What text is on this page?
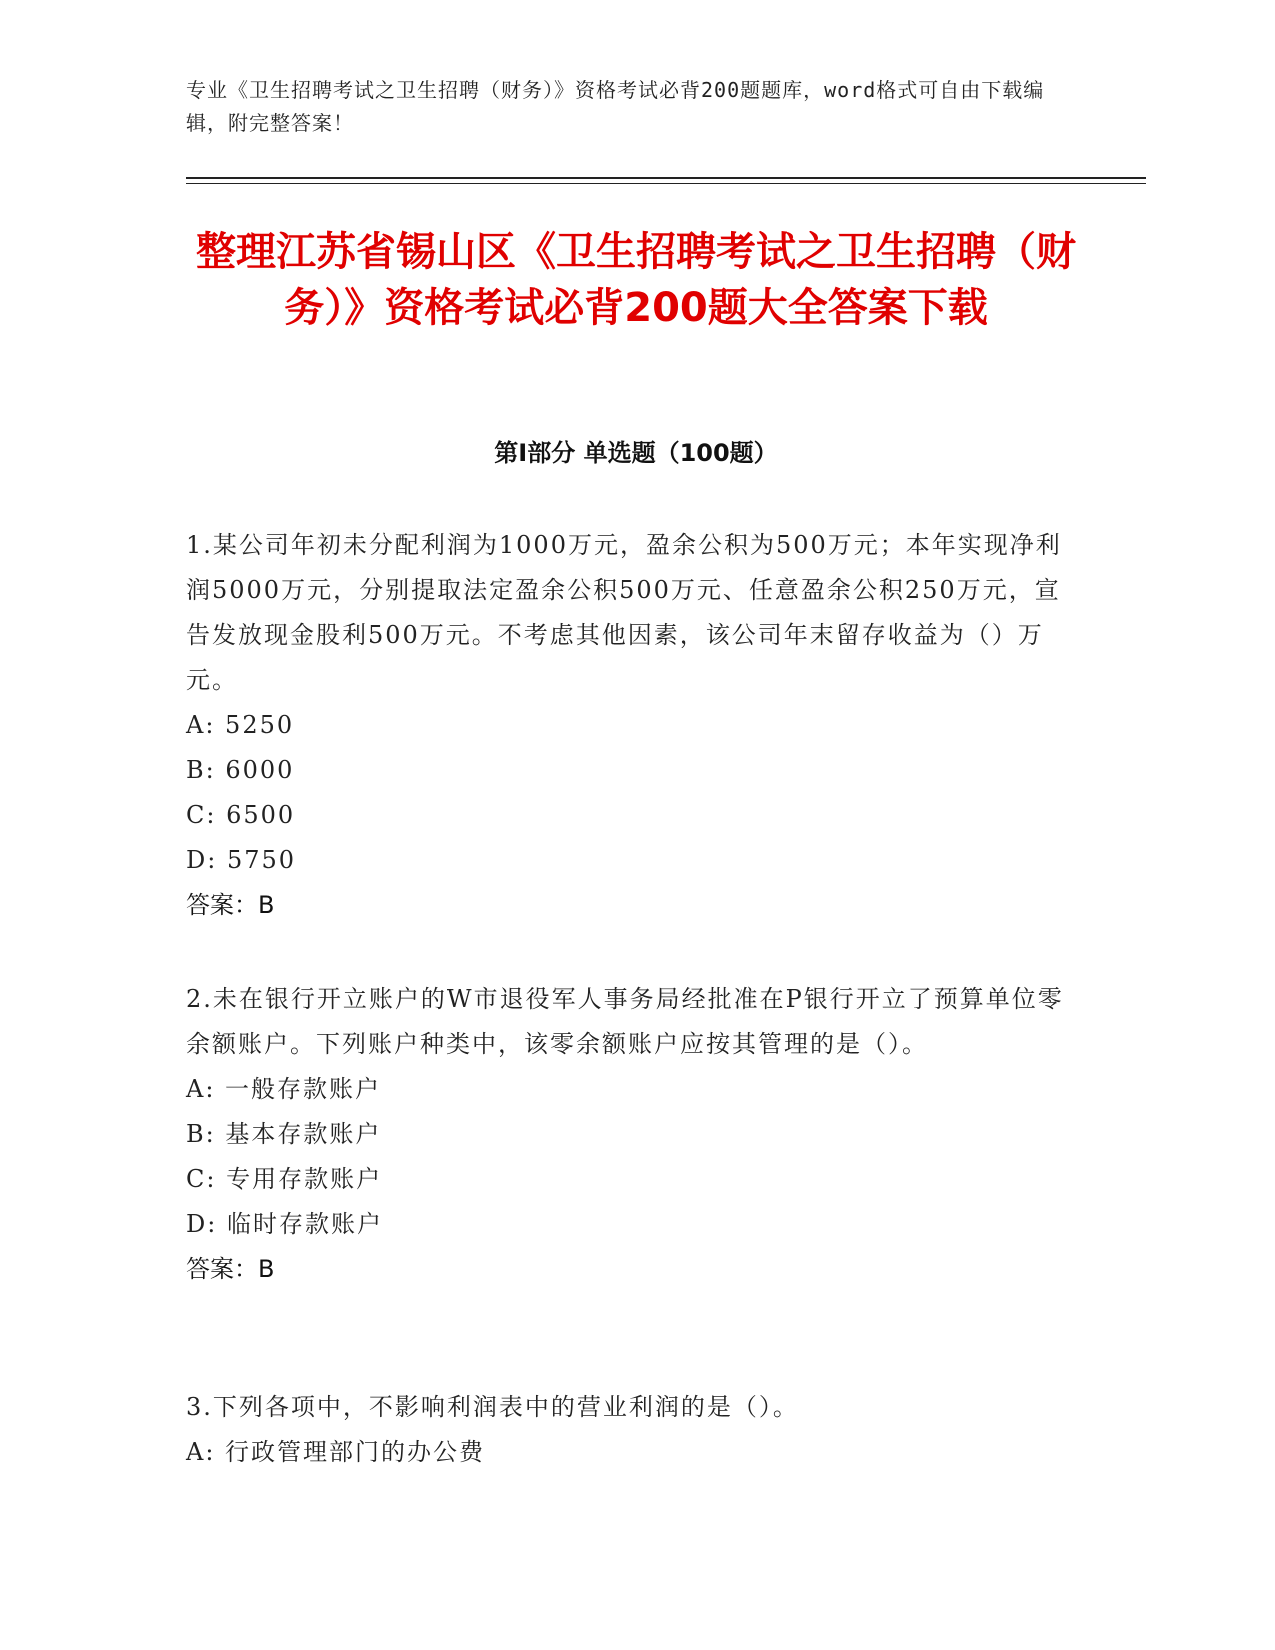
专业《卫生招聘考试之卫生招聘（财务）》资格考试必背200题题库，word格式可自由下载编辑，附完整答案！
整理江苏省锡山区《卫生招聘考试之卫生招聘（财务）》资格考试必背200题大全答案下载
第I部分 单选题（100题）
1.某公司年初未分配利润为1000万元，盈余公积为500万元；本年实现净利润5000万元，分别提取法定盈余公积500万元、任意盈余公积250万元，宣告发放现金股利500万元。不考虑其他因素，该公司年末留存收益为（）万元。
A: 5250
B: 6000
C: 6500
D: 5750
答案：B
2.未在银行开立账户的W市退役军人事务局经批准在P银行开立了预算单位零余额账户。下列账户种类中，该零余额账户应按其管理的是（）。
A: 一般存款账户
B: 基本存款账户
C: 专用存款账户
D: 临时存款账户
答案：B
3.下列各项中，不影响利润表中的营业利润的是（）。
A: 行政管理部门的办公费
